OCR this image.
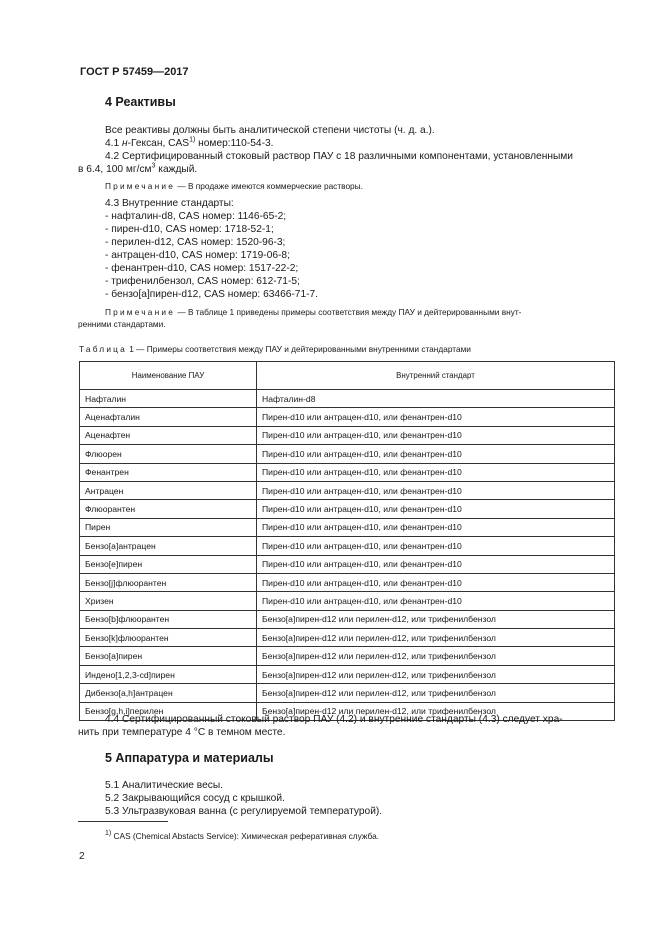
ГОСТ Р 57459—2017
4 Реактивы
Все реактивы должны быть аналитической степени чистоты (ч. д. а.).
4.1 н-Гексан, CAS$^{1)}$ номер:110-54-3.
4.2 Сертифицированный стоковый раствор ПАУ с 18 различными компонентами, установленными
в 6.4, 100 $мг/см^3$ каждый.
Примечание — В продаже имеются коммерческие растворы.
4.3 Внутренние стандарты:
- нафталин-d8, CAS номер: 1146-65-2;
- пирен-d10, CAS номер: 1718-52-1;
- перилен-d12, CAS номер: 1520-96-3;
- антрацен-d10, CAS номер: 1719-06-8;
- фенантрен-d10, CAS номер: 1517-22-2;
- трифенилбензол, CAS номер: 612-71-5;
- бензо[а]пирен-d12, CAS номер: 63466-71-7.
Примечание — В таблице 1 приведены примеры соответствия между ПАУ и дейтерированными внут-
ренними стандартами.
Таблица 1 — Примеры соответствия между ПАУ и дейтерированными внутренними стандартами
Наименование ПАУ	Внутренний стандарт
Нафталин	Нафталин-d8
Аценафталин	Пирен-d10 или антрацен-d10, или фенантрен-d10
Аценафтен	Пирен-d10 или антрацен-d10, или фенантрен-d10
Флюорен	Пирен-d10 или антрацен-d10, или фенантрен-d10
Фенантрен	Пирен-d10 или антрацен-d10, или фенантрен-d10
Антрацен	Пирен-d10 или антрацен-d10, или фенантрен-d10
Флюорантен	Пирен-d10 или антрацен-d10, или фенантрен-d10
Пирен	Пирен-d10 или антрацен-d10, или фенантрен-d10
Бензо[а]антрацен	Пирен-d10 или антрацен-d10, или фенантрен-d10
Бензо[е]пирен	Пирен-d10 или антрацен-d10, или фенантрен-d10
Бензо[j]флюорантен	Пирен-d10 или антрацен-d10, или фенантрен-d10
Хризен	Пирен-d10 или антрацен-d10, или фенантрен-d10
Бензо[b]флюорантен	Бензо[а]пирен-d12 или перилен-d12, или трифенилбензол
Бензо[k]флюорантен	Бензо[а]пирен-d12 или перилен-d12, или трифенилбензол
Бензо[а]пирен	Бензо[а]пирен-d12 или перилен-d12, или трифенилбензол
Индено[1,2,3-cd]пирен	Бензо[а]пирен-d12 или перилен-d12, или трифенилбензол
Дибензо[а,h]антрацен	Бензо[а]пирен-d12 или перилен-d12, или трифенилбензол
Бензо[g,h,i]перилен	Бензо[а]пирен-d12 или перилен-d12, или трифенилбензол
4.4 Сертифицированный стоковый раствор ПАУ (4.2) и внутренние стандарты (4.3) следует хра-
нить при температуре 4 °С в темном месте.
5 Аппаратура и материалы
5.1 Аналитические весы.
5.2 Закрывающийся сосуд с крышкой.
5.3 Ультразвуковая ванна (с регулируемой температурой).
$^{1)}$ CAS (Chemical Abstacts Service): Химическая реферативная служба.
2
